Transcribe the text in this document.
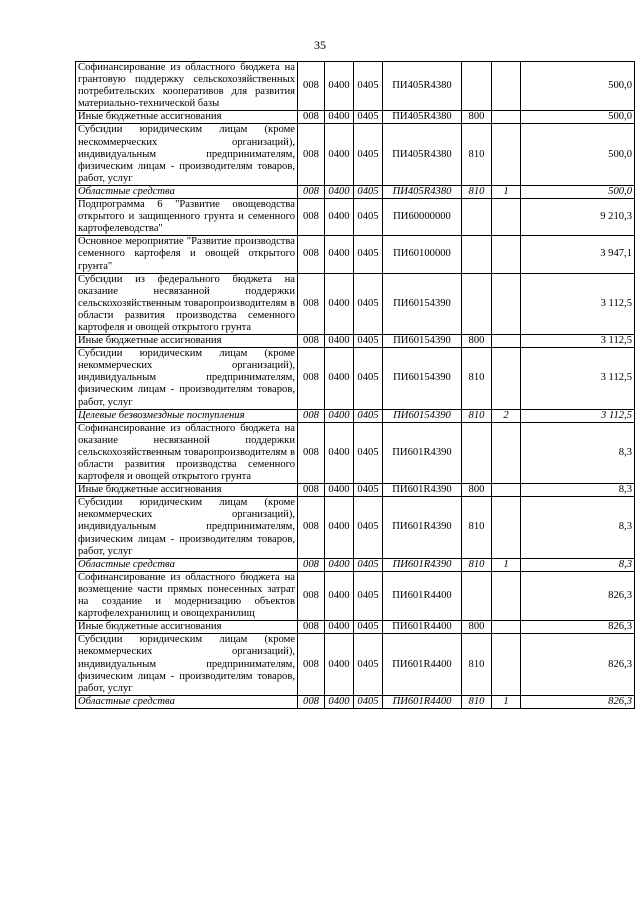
35
Софинансирование из областного бюджета на грантовую поддержку сельскохозяйственных потребительских кооперативов для развития материально-технической базы	008	0400	0405	ПИ405R4380			500,0
Иные бюджетные ассигнования	008	0400	0405	ПИ405R4380	800		500,0
Субсидии юридическим лицам (кроме нескоммерческих организаций), индивидуальным предпринимателям, физическим лицам - производителям товаров, работ, услуг	008	0400	0405	ПИ405R4380	810		500,0
Областные средства	008	0400	0405	ПИ405R4380	810	1	500,0
Подпрограмма 6 "Развитие овощеводства открытого и защищенного грунта и семенного картофелеводства"	008	0400	0405	ПИ60000000			9 210,3
Основное мероприятие "Развитие производства семенного картофеля и овощей открытого грунта"	008	0400	0405	ПИ60100000			3 947,1
Субсидии из федерального бюджета на оказание несвязанной поддержки сельскохозяйственным товаропроизводителям в области развития производства семенного картофеля и овощей открытого грунта	008	0400	0405	ПИ60154390			3 112,5
Иные бюджетные ассигнования	008	0400	0405	ПИ60154390	800		3 112,5
Субсидии юридическим лицам (кроме некоммерческих организаций), индивидуальным предпринимателям, физическим лицам - производителям товаров, работ, услуг	008	0400	0405	ПИ60154390	810		3 112,5
Целевые безвозмездные поступления	008	0400	0405	ПИ60154390	810	2	3 112,5
Софинансирование из областного бюджета на оказание несвязанной поддержки сельскохозяйственным товаропроизводителям в области развития производства семенного картофеля и овощей открытого грунта	008	0400	0405	ПИ601R4390			8,3
Иные бюджетные ассигнования	008	0400	0405	ПИ601R4390	800		8,3
Субсидии юридическим лицам (кроме некоммерческих организаций), индивидуальным предпринимателям, физическим лицам - производителям товаров, работ, услуг	008	0400	0405	ПИ601R4390	810		8,3
Областные средства	008	0400	0405	ПИ601R4390	810	1	8,3
Софинансирование из областного бюджета на возмещение части прямых понесенных затрат на создание и модернизацию объектов картофелехранилищ и овощехранилищ	008	0400	0405	ПИ601R4400			826,3
Иные бюджетные ассигнования	008	0400	0405	ПИ601R4400	800		826,3
Субсидии юридическим лицам (кроме некоммерческих организаций), индивидуальным предпринимателям, физическим лицам - производителям товаров, работ, услуг	008	0400	0405	ПИ601R4400	810		826,3
Областные средства	008	0400	0405	ПИ601R4400	810	1	826,3
